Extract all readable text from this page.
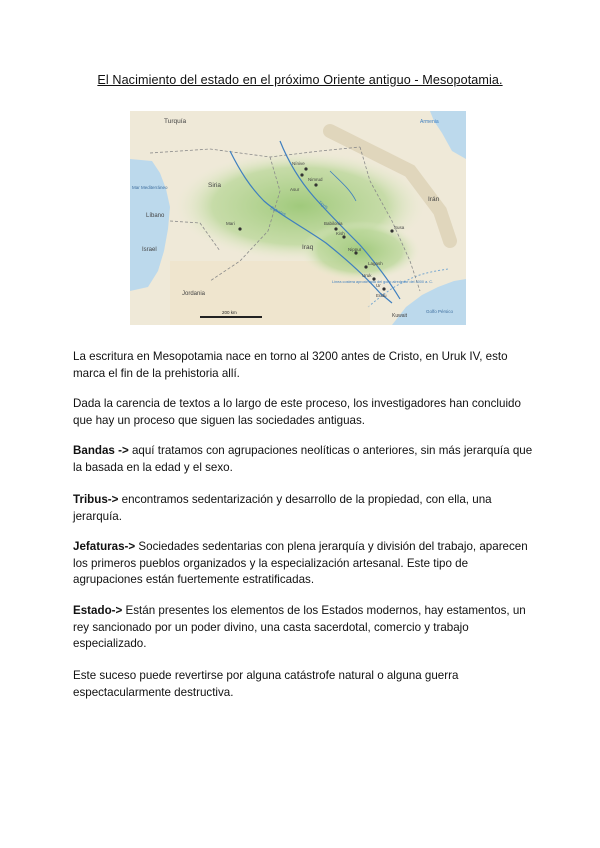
El Nacimiento del estado en el próximo Oriente antiguo - Mesopotamia.
Turquía	Armenia
Siria
Mar Mediterráneo
Líbano
Israel
Jordania
Iraq
Irán
Kuwait
Golfo Pérsico
Nínive
Nimrud
Asur
Mari	Babilonia
Kish
Nippur
Lagash
Uruk
Ur
Eridu
Susa
Tigris
Éufrates
Línea costera aproximada del golfo alrededor del 4000 a. C.
200 km
La escritura en Mesopotamia nace en torno al 3200 antes de Cristo, en Uruk IV, esto marca el fin de la prehistoria allí.
Dada la carencia de textos a lo largo de este proceso, los investigadores han concluido que hay un proceso que siguen las sociedades antiguas.
Bandas -> aquí tratamos con agrupaciones neolíticas o anteriores, sin más jerarquía que la basada en la edad y el sexo.
Tribus-> encontramos sedentarización y desarrollo de la propiedad, con ella, una jerarquía.
Jefaturas-> Sociedades sedentarias con plena jerarquía y división del trabajo, aparecen los primeros pueblos organizados y la especialización artesanal. Este tipo de agrupaciones están fuertemente estratificadas.
Estado-> Están presentes los elementos de los Estados modernos, hay estamentos, un rey sancionado por un poder divino, una casta sacerdotal, comercio y trabajo especializado.
Este suceso puede revertirse por alguna catástrofe natural o alguna guerra espectacularmente destructiva.
